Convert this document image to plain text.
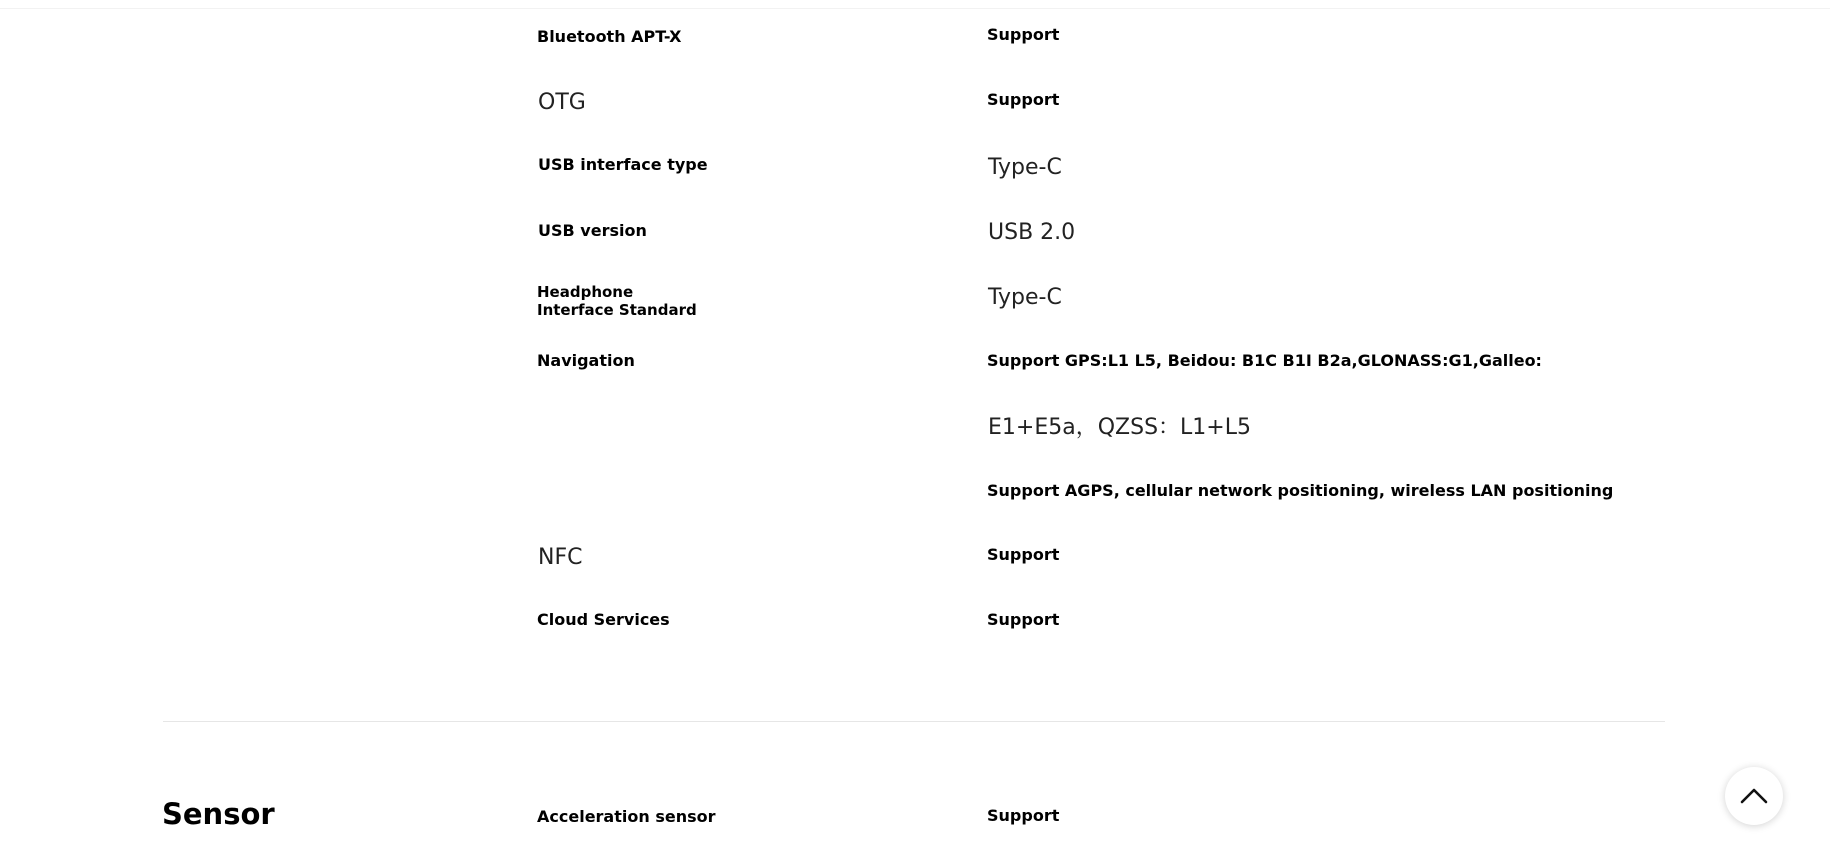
Bluetooth APT-X	Support
OTG	Support
USB interface type	Type-C
USB version	USB 2.0
Headphone Interface Standard	Type-C
Navigation	Support GPS:L1 L5, Beidou: B1C B1I B2a,GLONASS:G1,Galleo:
E1+E5a，QZSS：L1+L5
Support AGPS, cellular network positioning, wireless LAN positioning
NFC	Support
Cloud Services	Support
Sensor	Acceleration sensor	Support
